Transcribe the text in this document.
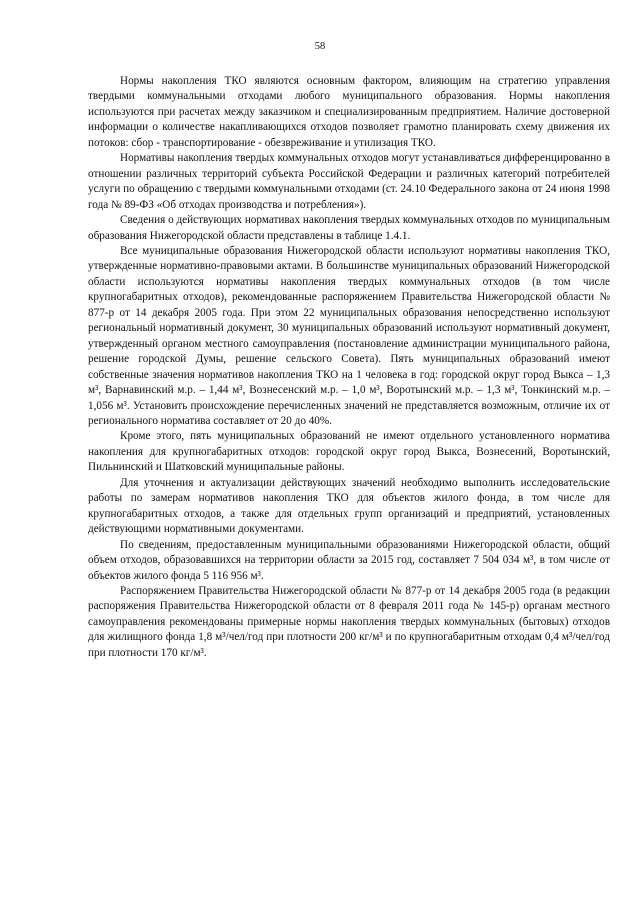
58

Нормы накопления ТКО являются основным фактором, влияющим на стратегию управления твердыми коммунальными отходами любого муниципального образования. Нормы накопления используются при расчетах между заказчиком и специализированным предприятием. Наличие достоверной информации о количестве накапливающихся отходов позволяет грамотно планировать схему движения их потоков: сбор - транспортирование - обезвреживание и утилизация ТКО.

Нормативы накопления твердых коммунальных отходов могут устанавливаться дифференцированно в отношении различных территорий субъекта Российской Федерации и различных категорий потребителей услуги по обращению с твердыми коммунальными отходами (ст. 24.10 Федерального закона от 24 июня 1998 года № 89-ФЗ «Об отходах производства и потребления»).

Сведения о действующих нормативах накопления твердых коммунальных отходов по муниципальным образования Нижегородской области представлены в таблице 1.4.1.

Все муниципальные образования Нижегородской области используют нормативы накопления ТКО, утвержденные нормативно-правовыми актами. В большинстве муниципальных образований Нижегородской области используются нормативы накопления твердых коммунальных отходов (в том числе крупногабаритных отходов), рекомендованные распоряжением Правительства Нижегородской области № 877-р от 14 декабря 2005 года. При этом 22 муниципальных образования непосредственно используют региональный нормативный документ, 30 муниципальных образований используют нормативный документ, утвержденный органом местного самоуправления (постановление администрации муниципального района, решение городской Думы, решение сельского Совета). Пять муниципальных образований имеют собственные значения нормативов накопления ТКО на 1 человека в год: городской округ город Выкса – 1,3 м³, Варнавинский м.р. – 1,44 м³, Вознесенский м.р. – 1,0 м³, Воротынский м.р. – 1,3 м³, Тонкинский м.р. – 1,056 м³. Установить происхождение перечисленных значений не представляется возможным, отличие их от регионального норматива составляет от 20 до 40%.

Кроме этого, пять муниципальных образований не имеют отдельного установленного норматива накопления для крупногабаритных отходов: городской округ город Выкса, Вознесений, Воротынский, Пильнинский и Шатковский муниципальные районы.

Для уточнения и актуализации действующих значений необходимо выполнить исследовательские работы по замерам нормативов накопления ТКО для объектов жилого фонда, в том числе для крупногабаритных отходов, а также для отдельных групп организаций и предприятий, установленных действующими нормативными документами.

По сведениям, предоставленным муниципальными образованиями Нижегородской области, общий объем отходов, образовавшихся на территории области за 2015 год, составляет 7 504 034 м³, в том числе от объектов жилого фонда 5 116 956 м³.

Распоряжением Правительства Нижегородской области № 877-р от 14 декабря 2005 года (в редакции распоряжения Правительства Нижегородской области от 8 февраля 2011 года № 145-р) органам местного самоуправления рекомендованы примерные нормы накопления твердых коммунальных (бытовых) отходов для жилищного фонда 1,8 м³/чел/год при плотности 200 кг/м³ и по крупногабаритным отходам 0,4 м³/чел/год при плотности 170 кг/м³.
